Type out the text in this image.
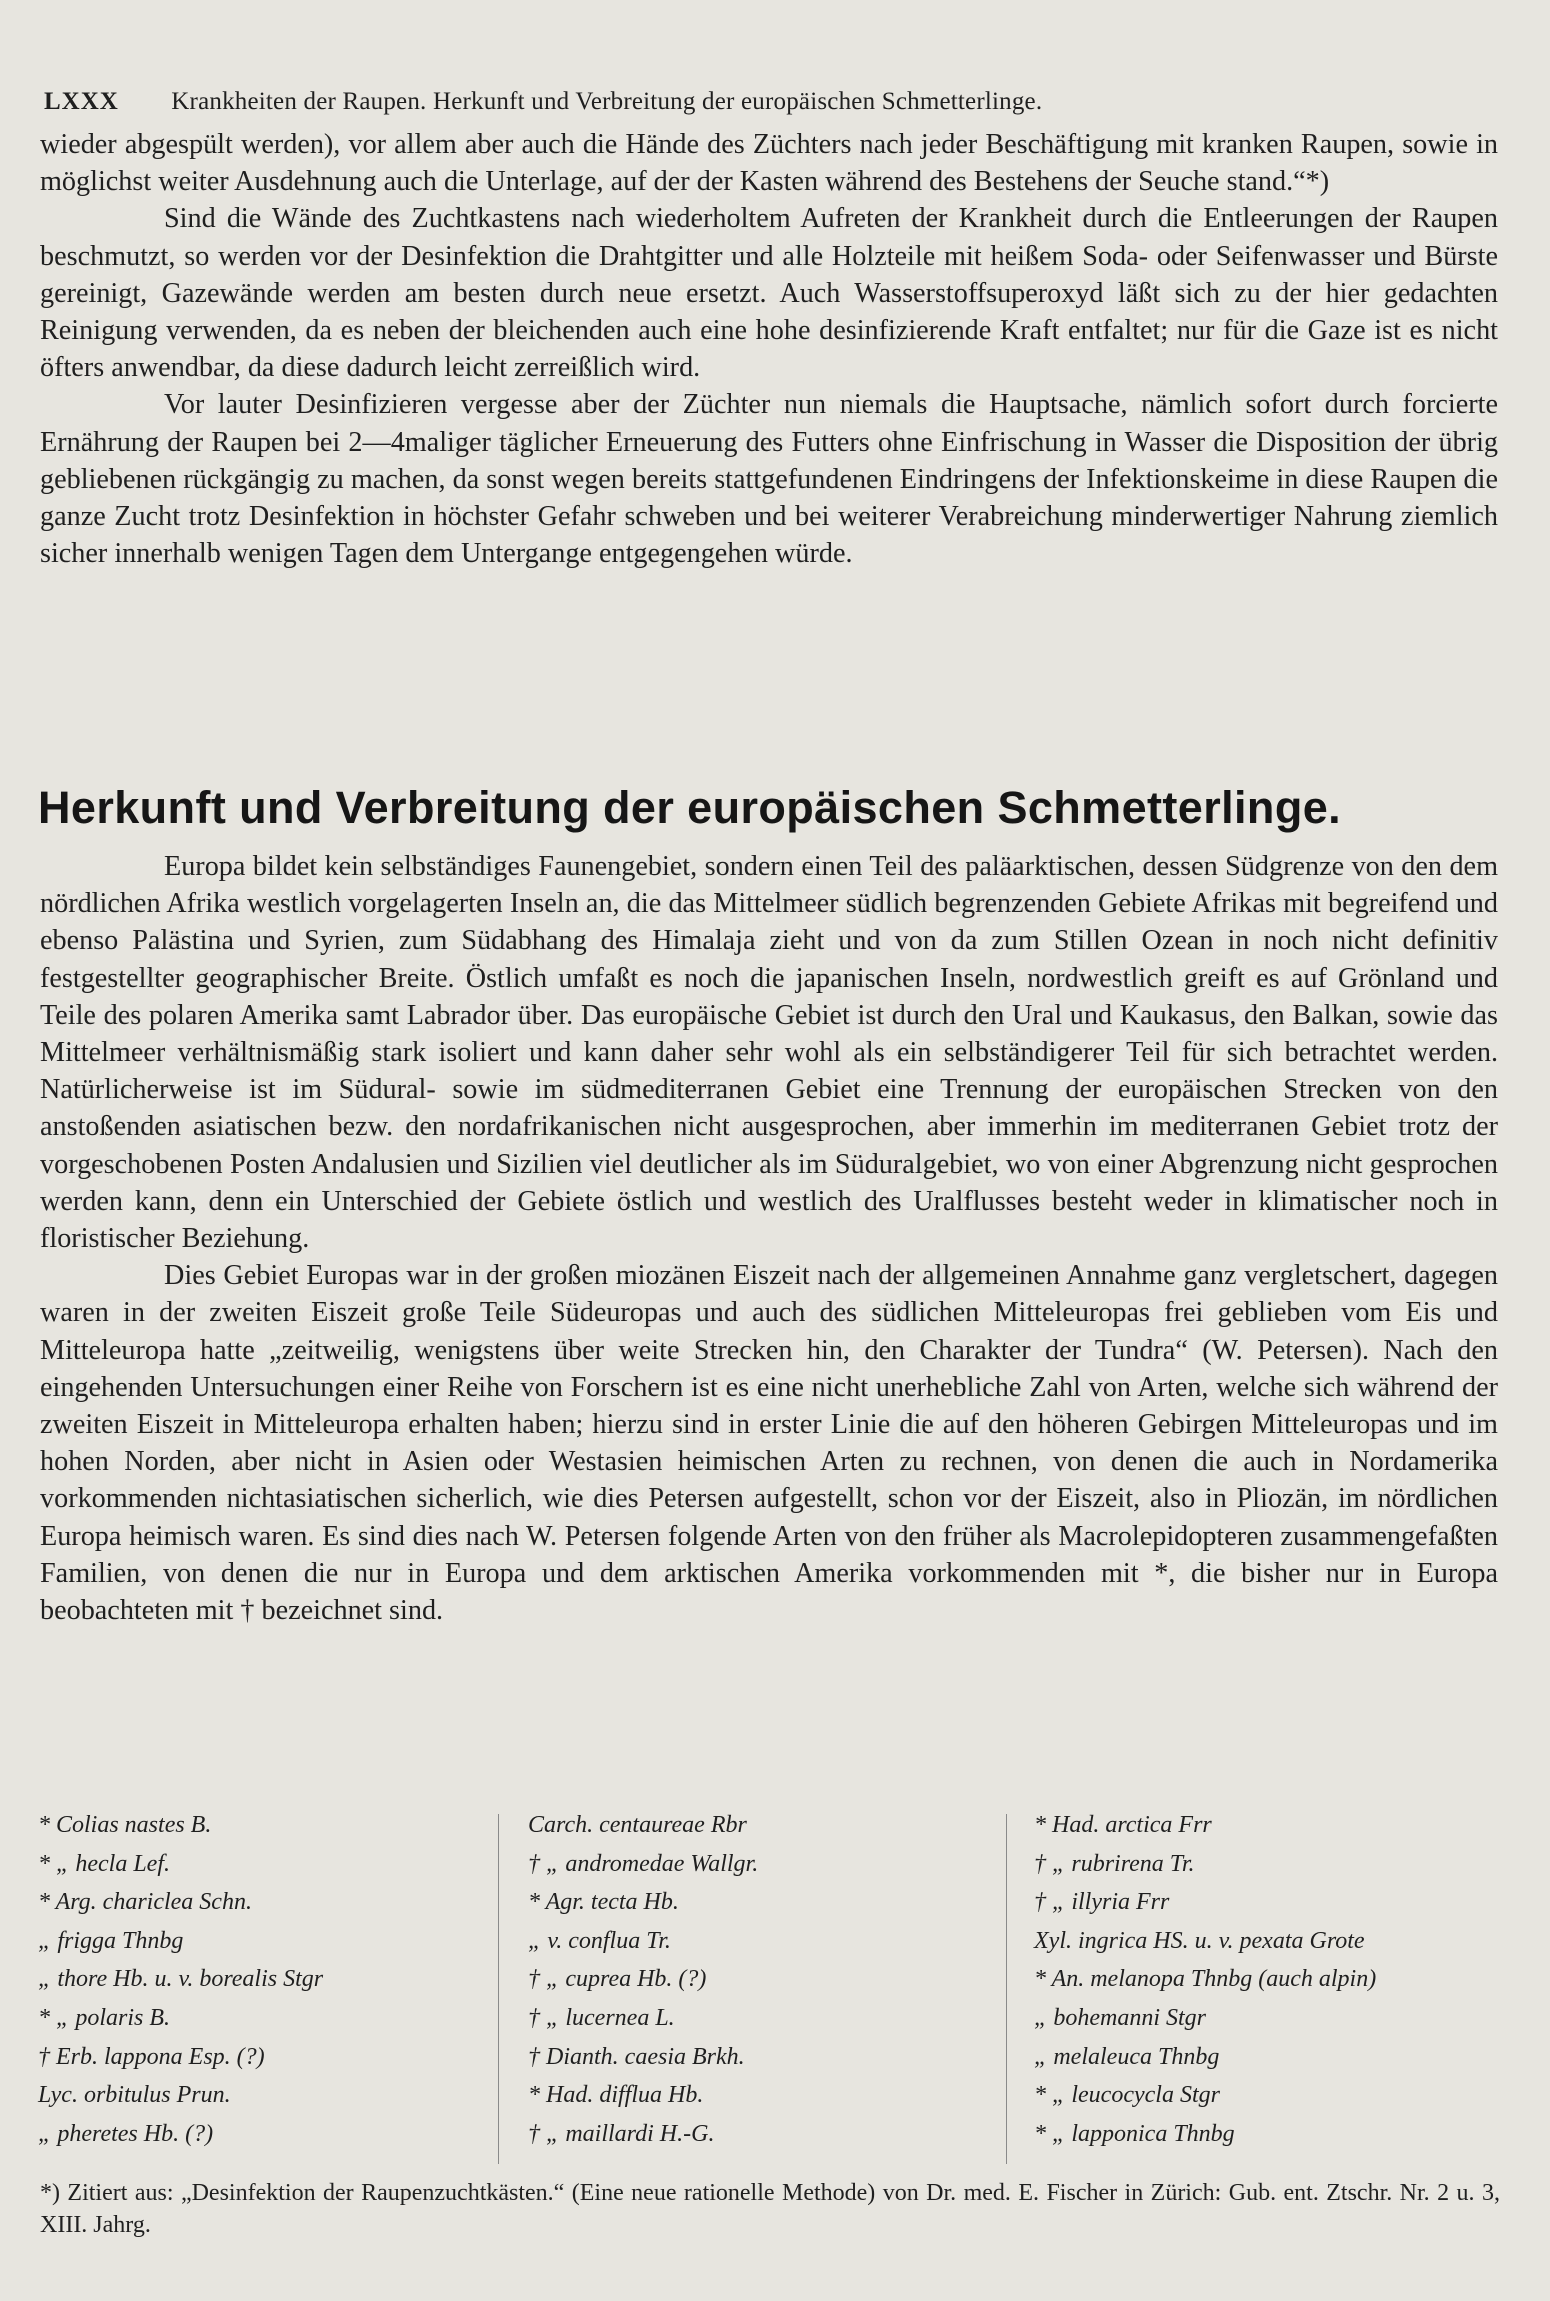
LXXX Krankheiten der Raupen. Herkunft und Verbreitung der europäischen Schmetterlinge.

wieder abgespült werden), vor allem aber auch die Hände des Züchters nach jeder Beschäftigung mit kranken Raupen, sowie in möglichst weiter Ausdehnung auch die Unterlage, auf der der Kasten während des Bestehens der Seuche stand.“*)

Sind die Wände des Zuchtkastens nach wiederholtem Aufreten der Krankheit durch die Entleerungen der Raupen beschmutzt, so werden vor der Desinfektion die Drahtgitter und alle Holzteile mit heißem Soda- oder Seifenwasser und Bürste gereinigt, Gazewände werden am besten durch neue ersetzt. Auch Wasserstoffsuperoxyd läßt sich zu der hier gedachten Reinigung verwenden, da es neben der bleichenden auch eine hohe desinfizierende Kraft entfaltet; nur für die Gaze ist es nicht öfters anwendbar, da diese dadurch leicht zerreißlich wird.

Vor lauter Desinfizieren vergesse aber der Züchter nun niemals die Hauptsache, nämlich sofort durch forcierte Ernährung der Raupen bei 2—4maliger täglicher Erneuerung des Futters ohne Einfrischung in Wasser die Disposition der übrig gebliebenen rückgängig zu machen, da sonst wegen bereits stattgefundenen Eindringens der Infektionskeime in diese Raupen die ganze Zucht trotz Desinfektion in höchster Gefahr schweben und bei weiterer Verabreichung minderwertiger Nahrung ziemlich sicher innerhalb wenigen Tagen dem Untergange entgegengehen würde.

Herkunft und Verbreitung der europäischen Schmetterlinge.

Europa bildet kein selbständiges Faunengebiet, sondern einen Teil des paläarktischen, dessen Südgrenze von den dem nördlichen Afrika westlich vorgelagerten Inseln an, die das Mittelmeer südlich begrenzenden Gebiete Afrikas mit begreifend und ebenso Palästina und Syrien, zum Südabhang des Himalaja zieht und von da zum Stillen Ozean in noch nicht definitiv festgestellter geographischer Breite. Östlich umfaßt es noch die japanischen Inseln, nordwestlich greift es auf Grönland und Teile des polaren Amerika samt Labrador über. Das europäische Gebiet ist durch den Ural und Kaukasus, den Balkan, sowie das Mittelmeer verhältnismäßig stark isoliert und kann daher sehr wohl als ein selbständigerer Teil für sich betrachtet werden. Natürlicherweise ist im Südural- sowie im südmediterranen Gebiet eine Trennung der europäischen Strecken von den anstoßenden asiatischen bezw. den nordafrikanischen nicht ausgesprochen, aber immerhin im mediterranen Gebiet trotz der vorgeschobenen Posten Andalusien und Sizilien viel deutlicher als im Süduralgebiet, wo von einer Abgrenzung nicht gesprochen werden kann, denn ein Unterschied der Gebiete östlich und westlich des Uralflusses besteht weder in klimatischer noch in floristischer Beziehung.

Dies Gebiet Europas war in der großen miozänen Eiszeit nach der allgemeinen Annahme ganz vergletschert, dagegen waren in der zweiten Eiszeit große Teile Südeuropas und auch des südlichen Mitteleuropas frei geblieben vom Eis und Mitteleuropa hatte „zeitweilig, wenigstens über weite Strecken hin, den Charakter der Tundra“ (W. Petersen). Nach den eingehenden Untersuchungen einer Reihe von Forschern ist es eine nicht unerhebliche Zahl von Arten, welche sich während der zweiten Eiszeit in Mitteleuropa erhalten haben; hierzu sind in erster Linie die auf den höheren Gebirgen Mitteleuropas und im hohen Norden, aber nicht in Asien oder Westasien heimischen Arten zu rechnen, von denen die auch in Nordamerika vorkommenden nichtasiatischen sicherlich, wie dies Petersen aufgestellt, schon vor der Eiszeit, also in Pliozän, im nördlichen Europa heimisch waren. Es sind dies nach W. Petersen folgende Arten von den früher als Macrolepidopteren zusammengefaßten Familien, von denen die nur in Europa und dem arktischen Amerika vorkommenden mit *, die bisher nur in Europa beobachteten mit † bezeichnet sind.

* Colias nastes B.
* „ hecla Lef.
* Arg. chariclea Schn.
„ frigga Thnbg
„ thore Hb. u. v. borealis Stgr
* „ polaris B.
† Erb. lappona Esp. (?)
Lyc. orbitulus Prun.
„ pheretes Hb. (?)
Carch. centaureae Rbr
† „ andromedae Wallgr.
* Agr. tecta Hb.
„ v. conflua Tr.
† „ cuprea Hb. (?)
† „ lucernea L.
† Dianth. caesia Brkh.
* Had. diffluа Hb.
† „ maillardi H.-G.
* Had. arctica Frr
† „ rubrirena Tr.
† „ illyria Frr
Xyl. ingrica HS. u. v. pexata Grote
* An. melanopa Thnbg (auch alpin)
„ bohemanni Stgr
„ melaleuca Thnbg
* „ leucocycla Stgr
* „ lapponica Thnbg
*) Zitiert aus: „Desinfektion der Raupenzuchtkästen.“ (Eine neue rationelle Methode) von Dr. med. E. Fischer in Zürich: Gub. ent. Ztschr. Nr. 2 u. 3, XIII. Jahrg.
